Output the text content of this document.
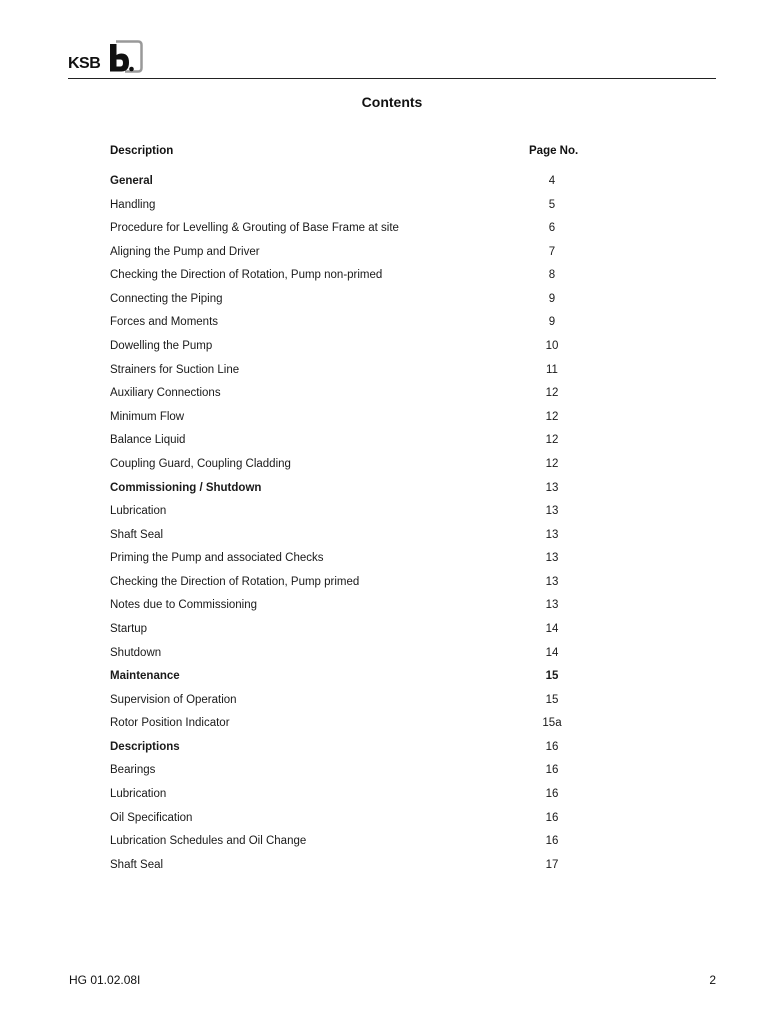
KSB
Contents
Description	Page No.
General	4
Handling	5
Procedure for Levelling & Grouting of Base Frame at site	6
Aligning the Pump and Driver	7
Checking the Direction of Rotation, Pump non-primed	8
Connecting the Piping	9
Forces and Moments	9
Dowelling the Pump	10
Strainers for Suction Line	11
Auxiliary Connections	12
Minimum Flow	12
Balance Liquid	12
Coupling Guard, Coupling Cladding	12
Commissioning / Shutdown	13
Lubrication	13
Shaft Seal	13
Priming the Pump and associated Checks	13
Checking the Direction of Rotation, Pump primed	13
Notes due to Commissioning	13
Startup	14
Shutdown	14
Maintenance	15
Supervision of Operation	15
Rotor Position Indicator	15a
Descriptions	16
Bearings	16
Lubrication	16
Oil Specification	16
Lubrication Schedules and Oil Change	16
Shaft Seal	17
HG 01.02.08I	2
